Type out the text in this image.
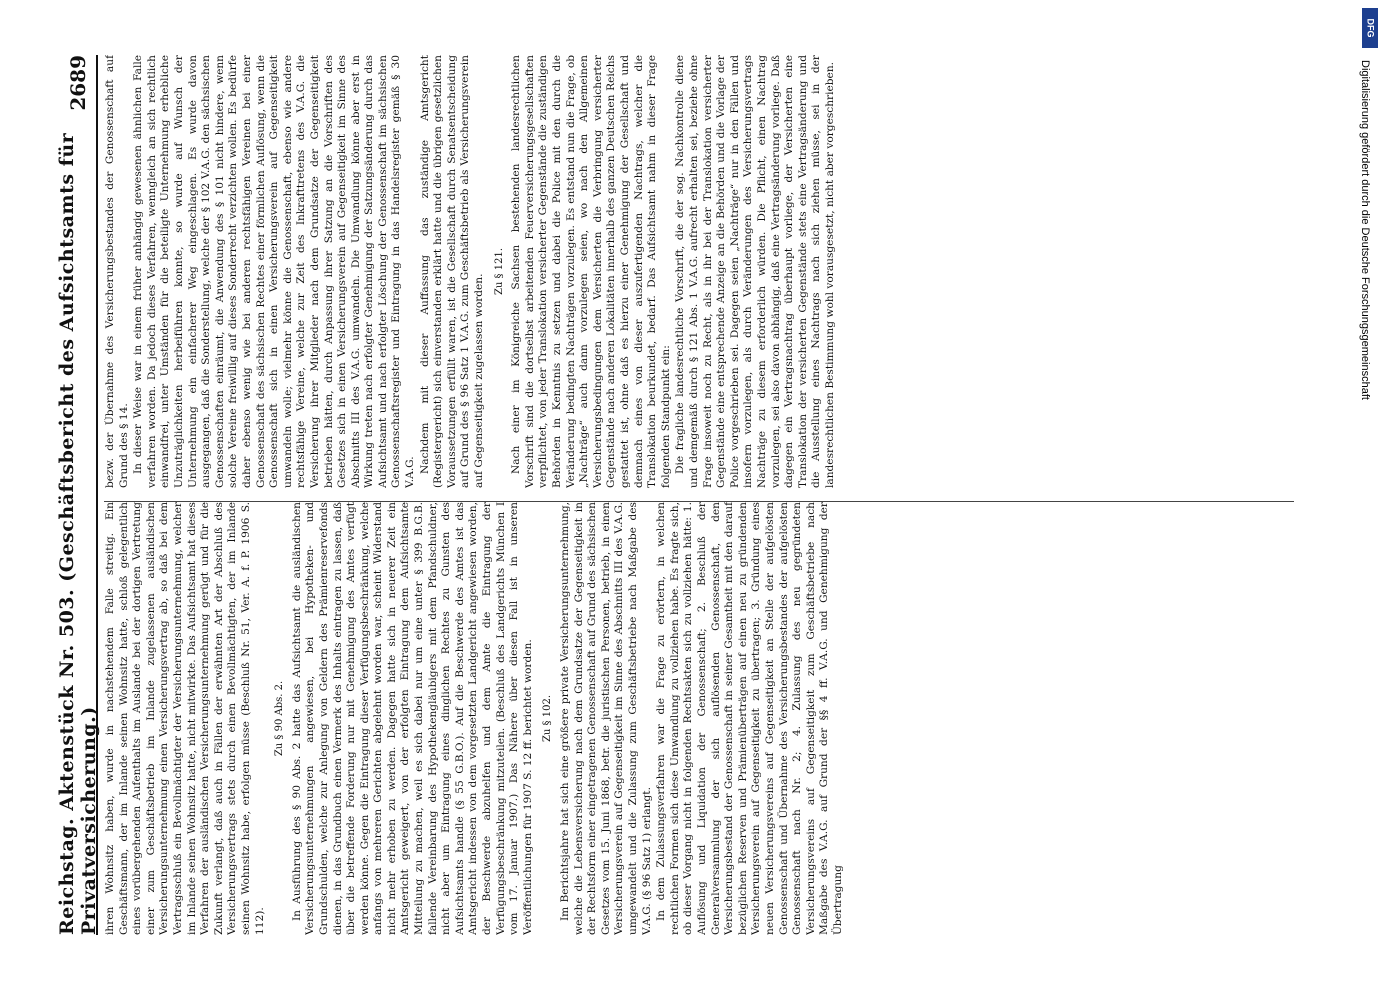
Reichstag. Aktenstück Nr. 503. (Geschäftsbericht des Aufsichtsamts für Privatversicherung.)
2689

ihren Wohnsitz haben, wurde in nachstehendem Falle streitig. Ein Geschäftsmann, der im Inlande seinen Wohnsitz hatte, schloß gelegentlich eines vorübergehenden Aufenthalts im Auslande bei der dortigen Vertretung einer zum Geschäftsbetrieb im Inlande zugelassenen ausländischen Versicherungsunternehmung einen Versicherungsvertrag ab, so daß bei dem Vertragsschluß ein Bevollmächtigter der Versicherungsunternehmung, welcher im Inlande seinen Wohnsitz hatte, nicht mitwirkte. Das Aufsichtsamt hat dieses Verfahren der ausländischen Versicherungsunternehmung gerügt und für die Zukunft verlangt, daß auch in Fällen der erwähnten Art der Abschluß des Versicherungsvertrags stets durch einen Bevollmächtigten, der im Inlande seinen Wohnsitz habe, erfolgen müsse (Beschluß Nr. 51, Ver. A. f. P. 1906 S. 112).

Zu § 90 Abs. 2. In Ausführung des § 90 Abs. 2 hatte das Aufsichtsamt die ausländischen Versicherungsunternehmungen angewiesen, bei Hypotheken- und Grundschulden, welche zur Anlegung von Geldern des Prämienreservefonds dienen, in das Grundbuch einen Vermerk des Inhalts eintragen zu lassen, daß über die betreffende Forderung nur mit Genehmigung des Amtes verfügt werden könne. Gegen die Eintragung dieser Verfügungsbeschränkung, welche anfangs von mehreren Gerichten abgelehnt worden war, scheint Widerstand nicht mehr erhoben zu werden. Dagegen hatte sich in neuerer Zeit ein Amtsgericht geweigert, von der erfolgten Eintragung dem Aufsichtsamte Mitteilung zu machen, weil es sich dabei nur um eine unter § 399 B.G.B. fallende Vereinbarung des Hypothekengläubigers mit dem Pfandschuldner, nicht aber um Eintragung eines dinglichen Rechtes zu Gunsten des Aufsichtsamts handle (§ 55 G.B.O.). Auf die Beschwerde des Amtes ist das Amtsgericht indessen von dem vorgesetzten Landgericht angewiesen worden, der Beschwerde abzuhelfen und dem Amte die Eintragung der Verfügungsbeschränkung mitzuteilen. (Beschluß des Landgerichts München I vom 17. Januar 1907.) Das Nähere über diesen Fall ist in unseren Veröffentlichungen für 1907 S. 12 ff. berichtet worden. Zu § 102. Im Berichtsjahre hat sich eine größere private Versicherungsunternehmung, welche die Lebensversicherung nach dem Grundsatze der Gegenseitigkeit in der Rechtsform einer eingetragenen Genossenschaft auf Grund des sächsischen Gesetzes vom 15. Juni 1868, betr. die juristischen Personen, betrieb, in einen Versicherungsverein auf Gegenseitigkeit im Sinne des Abschnitts III des V.A.G. umgewandelt und die Zulassung zum Geschäftsbetriebe nach Maßgabe des V.A.G. (§ 96 Satz 1) erlangt. In dem Zulassungsverfahren war die Frage zu erörtern, in welchen rechtlichen Formen sich diese Umwandlung zu vollziehen habe. Es fragte sich, ob dieser Vorgang nicht in folgenden Rechtsakten sich zu vollziehen hätte: 1. Auflösung und Liquidation der Genossenschaft; 2. Beschluß der Generalversammlung der sich auflösenden Genossenschaft, den Versicherungsbestand der Genossenschaft in seiner Gesamtheit mit den darauf bezüglichen Reserven und Prämienüberträgen auf einen neu zu gründenden Versicherungsverein auf Gegenseitigkeit zu übertragen; 3. Gründung eines neuen Versicherungsvereins auf Gegenseitigkeit an Stelle der aufgelösten Genossenschaft und Übernahme des Versicherungsbestandes der aufgelösten Genossenschaft nach Nr. 2; 4. Zulassung des neu gegründeten Versicherungsvereins auf Gegenseitigkeit zum Geschäftsbetriebe nach Maßgabe des V.A.G. auf Grund der §§ 4 ff. V.A.G. und Genehmigung der Übertragung

bezw. der Übernahme des Versicherungsbestandes der Genossenschaft auf Grund des § 14. In dieser Weise war in einem früher anhängig gewesenen ähnlichen Falle verfahren worden. Da jedoch dieses Verfahren, wenngleich an sich rechtlich einwandfrei, unter Umständen für die beteiligte Unternehmung erhebliche Unzuträglichkeiten herbeiführen konnte, so wurde auf Wunsch der Unternehmung ein einfacherer Weg eingeschlagen. Es wurde davon ausgegangen, daß die Sonderstellung, welche der § 102 V.A.G. den sächsischen Genossenschaften einräumt, die Anwendung des § 101 nicht hindere, wenn solche Vereine freiwillig auf dieses Sonderrecht verzichten wollen. Es bedürfe daher ebenso wenig wie bei anderen rechtsfähigen Vereinen bei einer Genossenschaft des sächsischen Rechtes einer förmlichen Auflösung, wenn die Genossenschaft sich in einen Versicherungsverein auf Gegenseitigkeit umwandeln wolle; vielmehr könne die Genossenschaft, ebenso wie andere rechtsfähige Vereine, welche zur Zeit des Inkrafttretens des V.A.G. die Versicherung ihrer Mitglieder nach dem Grundsatze der Gegenseitigkeit betrieben hätten, durch Anpassung ihrer Satzung an die Vorschriften des Gesetzes sich in einen Versicherungsverein auf Gegenseitigkeit im Sinne des Abschnitts III des V.A.G. umwandeln. Die Umwandlung könne aber erst in Wirkung treten nach erfolgter Genehmigung der Satzungsänderung durch das Aufsichtsamt und nach erfolgter Löschung der Genossenschaft im sächsischen Genossenschaftsregister und Eintragung in das Handelsregister gemäß § 30 V.A.G. Nachdem mit dieser Auffassung das zuständige Amtsgericht (Registergericht) sich einverstanden erklärt hatte und die übrigen gesetzlichen Voraussetzungen erfüllt waren, ist die Gesellschaft durch Senatsentscheidung auf Grund des § 96 Satz 1 V.A.G. zum Geschäftsbetrieb als Versicherungsverein auf Gegenseitigkeit zugelassen worden.

Zu § 121. Nach einer im Königreiche Sachsen bestehenden landesrechtlichen Vorschrift sind die dortselbst arbeitenden Feuerversicherungsgesellschaften verpflichtet, von jeder Translokation versicherter Gegenstände die zuständigen Behörden in Kenntnis zu setzen und dabei die Police mit den durch die Veränderung bedingten Nachträgen vorzulegen. Es entstand nun die Frage, ob „Nachträge“ auch dann vorzulegen seien, wo nach den Allgemeinen Versicherungsbedingungen dem Versicherten die Verbringung versicherter Gegenstände nach anderen Lokalitäten innerhalb des ganzen Deutschen Reichs gestattet ist, ohne daß es hierzu einer Genehmigung der Gesellschaft und demnach eines von dieser auszufertigenden Nachtrags, welcher die Translokation beurkundet, bedarf. Das Aufsichtsamt nahm in dieser Frage folgenden Standpunkt ein: Die fragliche landesrechtliche Vorschrift, die der sog. Nachkontrolle diene und demgemäß durch § 121 Abs. 1 V.A.G. aufrecht erhalten sei, beziehe ohne Frage insoweit noch zu Recht, als in ihr bei der Translokation versicherter Gegenstände eine entsprechende Anzeige an die Behörden und die Vorlage der Police vorgeschrieben sei. Dagegen seien „Nachträge“ nur in den Fällen und insofern vorzulegen, als durch Veränderungen des Versicherungsvertrags Nachträge zu diesem erforderlich würden. Die Pflicht, einen Nachtrag vorzulegen, sei also davon abhängig, daß eine Vertragsänderung vorliege. Daß dagegen ein Vertragsnachtrag überhaupt vorliege, der Versicherten eine Translokation der versicherten Gegenstände stets eine Vertragsänderung und die Ausstellung eines Nachtrags nach sich ziehen müsse, sei in der landesrechtlichen Bestimmung wohl vorausgesetzt, nicht aber vorgeschrieben.

DFG
Digitalisierung gefördert durch die Deutsche Forschungsgemeinschaft
